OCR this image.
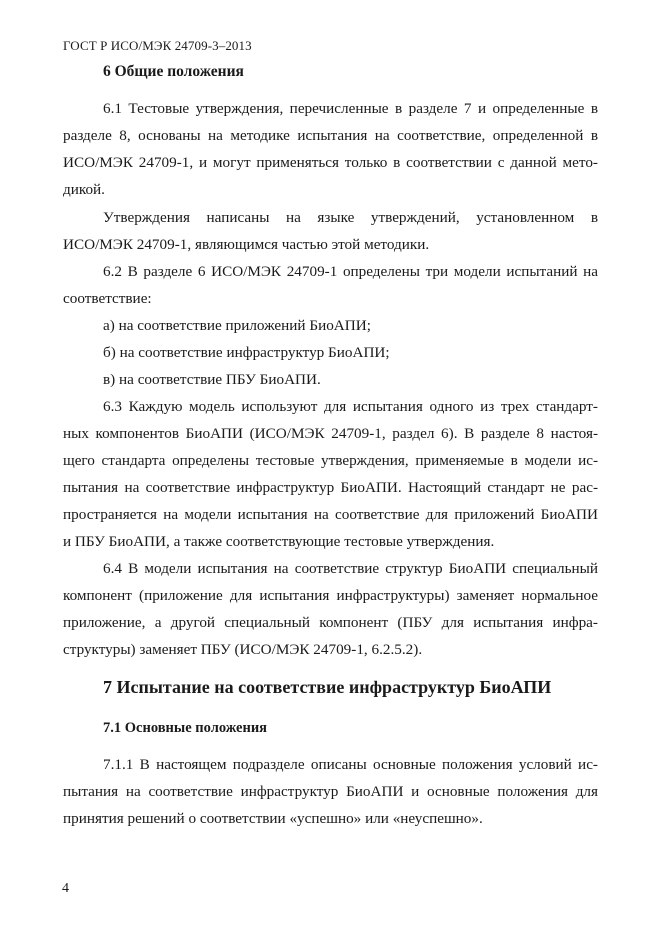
ГОСТ Р ИСО/МЭК 24709-3–2013
6 Общие положения
6.1 Тестовые утверждения, перечисленные в разделе 7 и определенные в
разделе 8, основаны на методике испытания на соответствие, определенной в
ИСО/МЭК 24709-1, и могут применяться только в соответствии с данной мето-
дикой.
Утверждения написаны на языке утверждений, установленном в
ИСО/МЭК 24709-1, являющимся частью этой методики.
6.2 В разделе 6 ИСО/МЭК 24709-1 определены три модели испытаний на
соответствие:
а) на соответствие приложений БиоАПИ;
б) на соответствие инфраструктур БиоАПИ;
в) на соответствие ПБУ БиоАПИ.
6.3 Каждую модель используют для испытания одного из трех стандарт-
ных компонентов БиоАПИ (ИСО/МЭК 24709-1, раздел 6). В разделе 8 настоя-
щего стандарта определены тестовые утверждения, применяемые в модели ис-
пытания на соответствие инфраструктур БиоАПИ. Настоящий стандарт не рас-
пространяется на модели испытания на соответствие для приложений БиоАПИ
и ПБУ БиоАПИ, а также соответствующие тестовые утверждения.
6.4 В модели испытания на соответствие структур БиоАПИ специальный
компонент (приложение для испытания инфраструктуры) заменяет нормальное
приложение, а другой специальный компонент (ПБУ для испытания инфра-
структуры) заменяет ПБУ (ИСО/МЭК 24709-1, 6.2.5.2).
7 Испытание на соответствие инфраструктур БиоАПИ
7.1 Основные положения
7.1.1 В настоящем подразделе описаны основные положения условий ис-
пытания на соответствие инфраструктур БиоАПИ и основные положения для
принятия решений о соответствии «успешно» или «неуспешно».
4
